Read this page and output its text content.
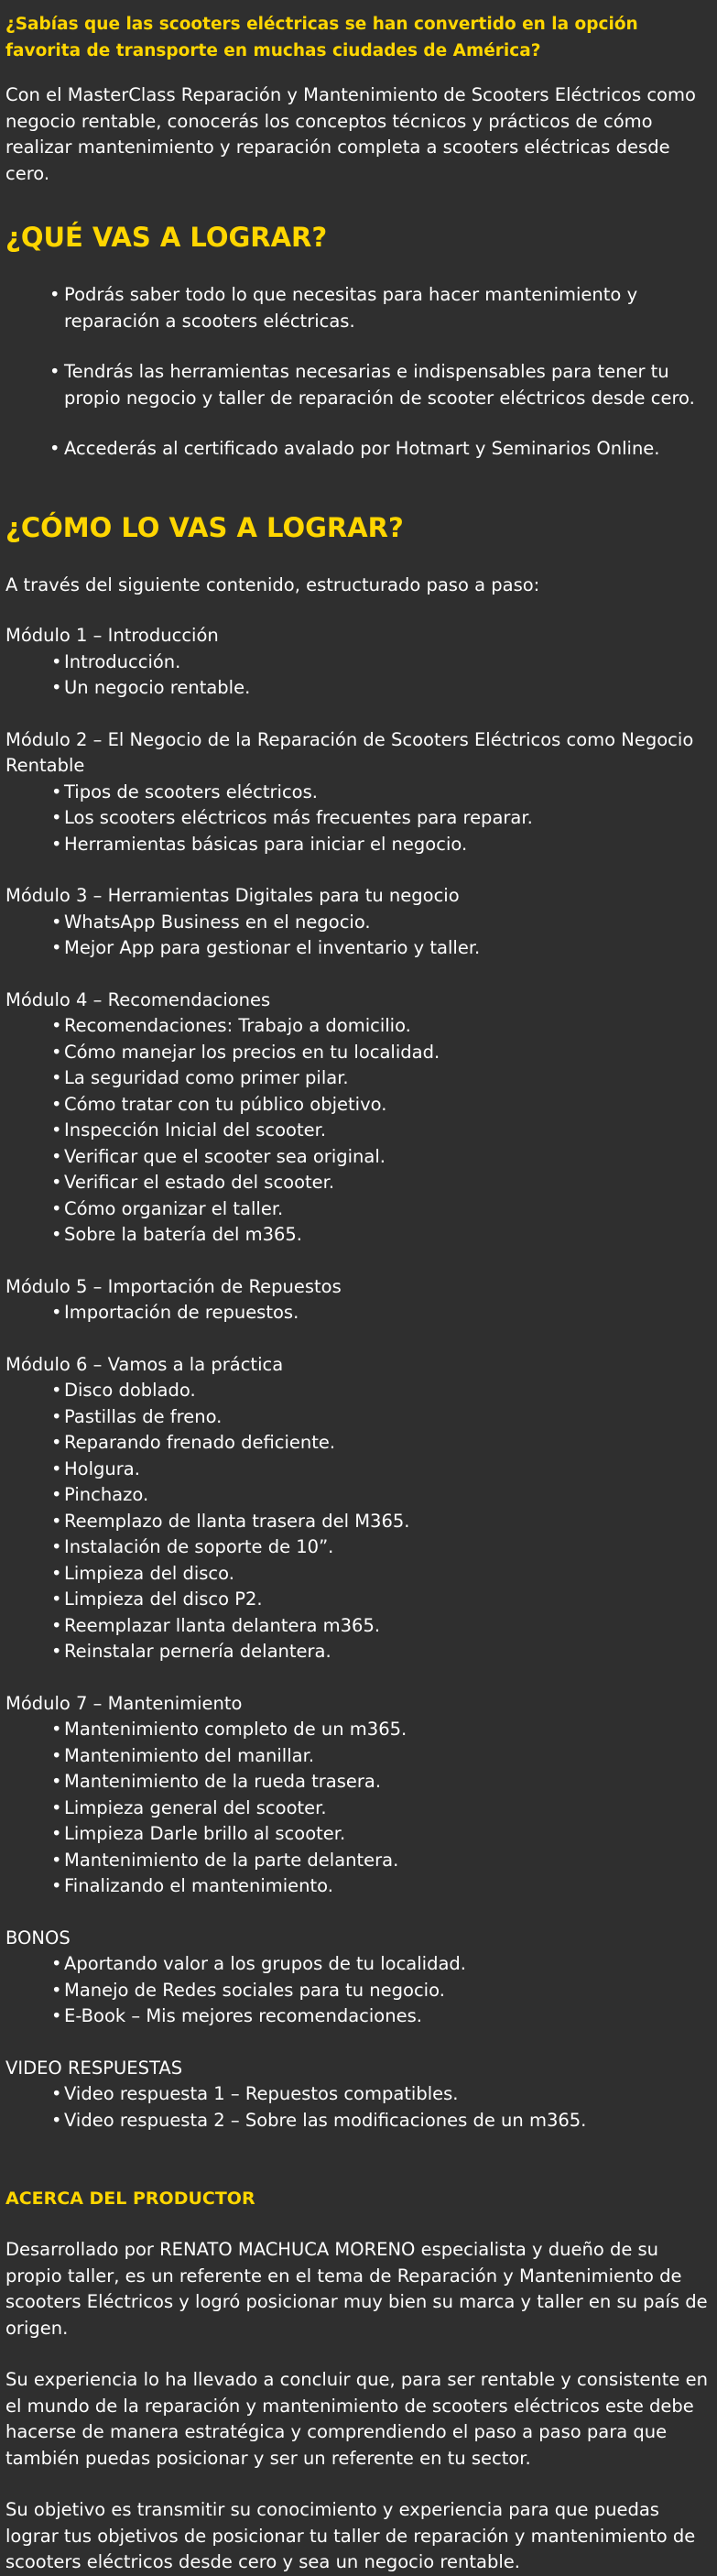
¿Sabías que las scooters eléctricas se han convertido en la opción favorita de transporte en muchas ciudades de América?

Con el MasterClass Reparación y Mantenimiento de Scooters Eléctricos como negocio rentable, conocerás los conceptos técnicos y prácticos de cómo realizar mantenimiento y reparación completa a scooters eléctricas desde cero.

¿QUÉ VAS A LOGRAR?
• Podrás saber todo lo que necesitas para hacer mantenimiento y reparación a scooters eléctricas.
• Tendrás las herramientas necesarias e indispensables para tener tu propio negocio y taller de reparación de scooter eléctricos desde cero.
• Accederás al certificado avalado por Hotmart y Seminarios Online.
¿CÓMO LO VAS A LOGRAR?

A través del siguiente contenido, estructurado paso a paso:

Módulo 1 – Introducción
• Introducción.
• Un negocio rentable.
Módulo 2 – El Negocio de la Reparación de Scooters Eléctricos como Negocio Rentable
• Tipos de scooters eléctricos.
• Los scooters eléctricos más frecuentes para reparar.
• Herramientas básicas para iniciar el negocio.
Módulo 3 – Herramientas Digitales para tu negocio
• WhatsApp Business en el negocio.
• Mejor App para gestionar el inventario y taller.
Módulo 4 – Recomendaciones
• Recomendaciones: Trabajo a domicilio.
• Cómo manejar los precios en tu localidad.
• La seguridad como primer pilar.
• Cómo tratar con tu público objetivo.
• Inspección Inicial del scooter.
• Verificar que el scooter sea original.
• Verificar el estado del scooter.
• Cómo organizar el taller.
• Sobre la batería del m365.
Módulo 5 – Importación de Repuestos
• Importación de repuestos.
Módulo 6 – Vamos a la práctica
• Disco doblado.
• Pastillas de freno.
• Reparando frenado deficiente.
• Holgura.
• Pinchazo.
• Reemplazo de llanta trasera del M365.
• Instalación de soporte de 10”.
• Limpieza del disco.
• Limpieza del disco P2.
• Reemplazar llanta delantera m365.
• Reinstalar pernería delantera.
Módulo 7 – Mantenimiento
• Mantenimiento completo de un m365.
• Mantenimiento del manillar.
• Mantenimiento de la rueda trasera.
• Limpieza general del scooter.
• Limpieza Darle brillo al scooter.
• Mantenimiento de la parte delantera.
• Finalizando el mantenimiento.
BONOS
• Aportando valor a los grupos de tu localidad.
• Manejo de Redes sociales para tu negocio.
• E-Book – Mis mejores recomendaciones.
VIDEO RESPUESTAS
• Video respuesta 1 – Repuestos compatibles.
• Video respuesta 2 – Sobre las modificaciones de un m365.
ACERCA DEL PRODUCTOR

Desarrollado por RENATO MACHUCA MORENO especialista y dueño de su propio taller, es un referente en el tema de Reparación y Mantenimiento de scooters Eléctricos y logró posicionar muy bien su marca y taller en su país de origen.

Su experiencia lo ha llevado a concluir que, para ser rentable y consistente en el mundo de la reparación y mantenimiento de scooters eléctricos este debe hacerse de manera estratégica y comprendiendo el paso a paso para que también puedas posicionar y ser un referente en tu sector.

Su objetivo es transmitir su conocimiento y experiencia para que puedas lograr tus objetivos de posicionar tu taller de reparación y mantenimiento de scooters eléctricos desde cero y sea un negocio rentable.
